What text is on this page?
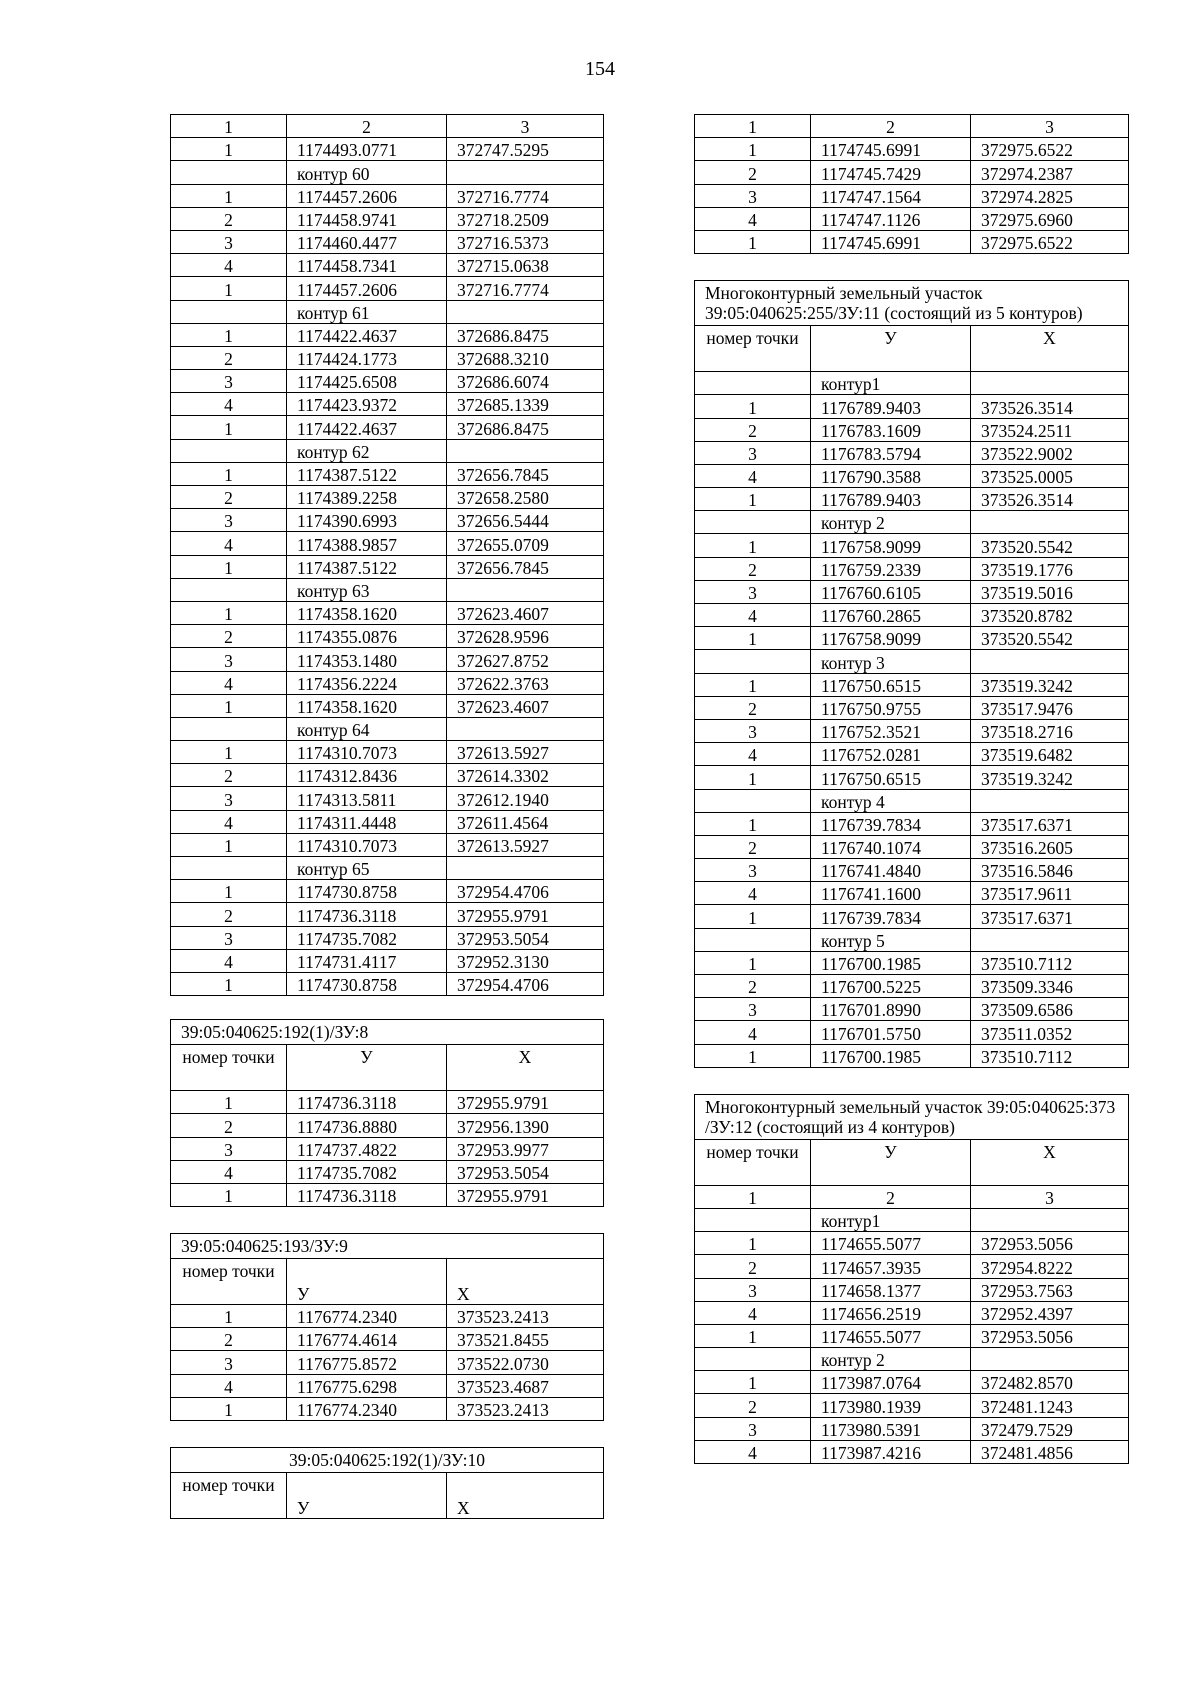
154
1	2	3
1	1174493.0771	372747.5295
	контур 60	
1	1174457.2606	372716.7774
2	1174458.9741	372718.2509
3	1174460.4477	372716.5373
4	1174458.7341	372715.0638
1	1174457.2606	372716.7774
	контур 61	
1	1174422.4637	372686.8475
2	1174424.1773	372688.3210
3	1174425.6508	372686.6074
4	1174423.9372	372685.1339
1	1174422.4637	372686.8475
	контур 62	
1	1174387.5122	372656.7845
2	1174389.2258	372658.2580
3	1174390.6993	372656.5444
4	1174388.9857	372655.0709
1	1174387.5122	372656.7845
	контур 63	
1	1174358.1620	372623.4607
2	1174355.0876	372628.9596
3	1174353.1480	372627.8752
4	1174356.2224	372622.3763
1	1174358.1620	372623.4607
	контур 64	
1	1174310.7073	372613.5927
2	1174312.8436	372614.3302
3	1174313.5811	372612.1940
4	1174311.4448	372611.4564
1	1174310.7073	372613.5927
	контур 65	
1	1174730.8758	372954.4706
2	1174736.3118	372955.9791
3	1174735.7082	372953.5054
4	1174731.4117	372952.3130
1	1174730.8758	372954.4706
39:05:040625:192(1)/ЗУ:8		
номер точки	У	Х
1	1174736.3118	372955.9791
2	1174736.8880	372956.1390
3	1174737.4822	372953.9977
4	1174735.7082	372953.5054
1	1174736.3118	372955.9791
39:05:040625:193/ЗУ:9		
номер точки	У	Х
1	1176774.2340	373523.2413
2	1176774.4614	373521.8455
3	1176775.8572	373522.0730
4	1176775.6298	373523.4687
1	1176774.2340	373523.2413
39:05:040625:192(1)/ЗУ:10
номер точки	У	Х
1	2	3
1	1174745.6991	372975.6522
2	1174745.7429	372974.2387
3	1174747.1564	372974.2825
4	1174747.1126	372975.6960
1	1174745.6991	372975.6522
Многоконтурный земельный участок 39:05:040625:255/ЗУ:11 (состоящий из 5 контуров)		
номер точки	У	Х
	контур1	
1	1176789.9403	373526.3514
2	1176783.1609	373524.2511
3	1176783.5794	373522.9002
4	1176790.3588	373525.0005
1	1176789.9403	373526.3514
	контур 2	
1	1176758.9099	373520.5542
2	1176759.2339	373519.1776
3	1176760.6105	373519.5016
4	1176760.2865	373520.8782
1	1176758.9099	373520.5542
	контур 3	
1	1176750.6515	373519.3242
2	1176750.9755	373517.9476
3	1176752.3521	373518.2716
4	1176752.0281	373519.6482
1	1176750.6515	373519.3242
	контур 4	
1	1176739.7834	373517.6371
2	1176740.1074	373516.2605
3	1176741.4840	373516.5846
4	1176741.1600	373517.9611
1	1176739.7834	373517.6371
	контур 5	
1	1176700.1985	373510.7112
2	1176700.5225	373509.3346
3	1176701.8990	373509.6586
4	1176701.5750	373511.0352
1	1176700.1985	373510.7112
Многоконтурный земельный участок 39:05:040625:373 /ЗУ:12 (состоящий из 4 контуров)		
номер точки	У	Х
1	2	3
	контур1	
1	1174655.5077	372953.5056
2	1174657.3935	372954.8222
3	1174658.1377	372953.7563
4	1174656.2519	372952.4397
1	1174655.5077	372953.5056
	контур 2	
1	1173987.0764	372482.8570
2	1173980.1939	372481.1243
3	1173980.5391	372479.7529
4	1173987.4216	372481.4856
